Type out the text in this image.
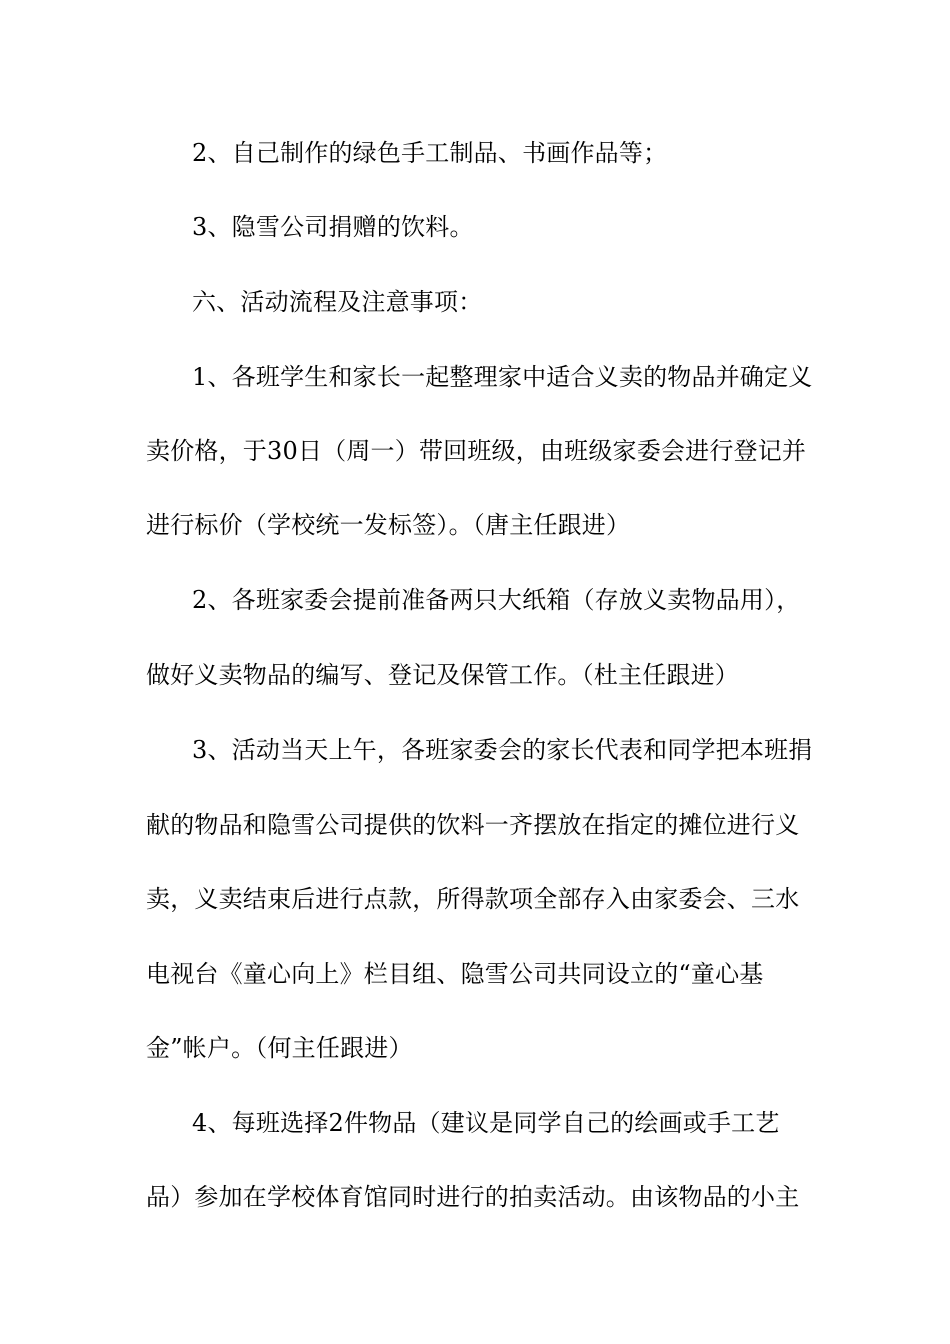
2、自己制作的绿色手工制品、书画作品等；
3、隐雪公司捐赠的饮料。
六、活动流程及注意事项：
1、各班学生和家长一起整理家中适合义卖的物品并确定义
卖价格，于30日（周一）带回班级，由班级家委会进行登记并
进行标价（学校统一发标签）。（唐主任跟进）
2、各班家委会提前准备两只大纸箱（存放义卖物品用），
做好义卖物品的编写、登记及保管工作。（杜主任跟进）
3、活动当天上午，各班家委会的家长代表和同学把本班捐
献的物品和隐雪公司提供的饮料一齐摆放在指定的摊位进行义
卖，义卖结束后进行点款，所得款项全部存入由家委会、三水
电视台《童心向上》栏目组、隐雪公司共同设立的“童心基
金”帐户。（何主任跟进）
4、每班选择2件物品（建议是同学自己的绘画或手工艺
品）参加在学校体育馆同时进行的拍卖活动。由该物品的小主
